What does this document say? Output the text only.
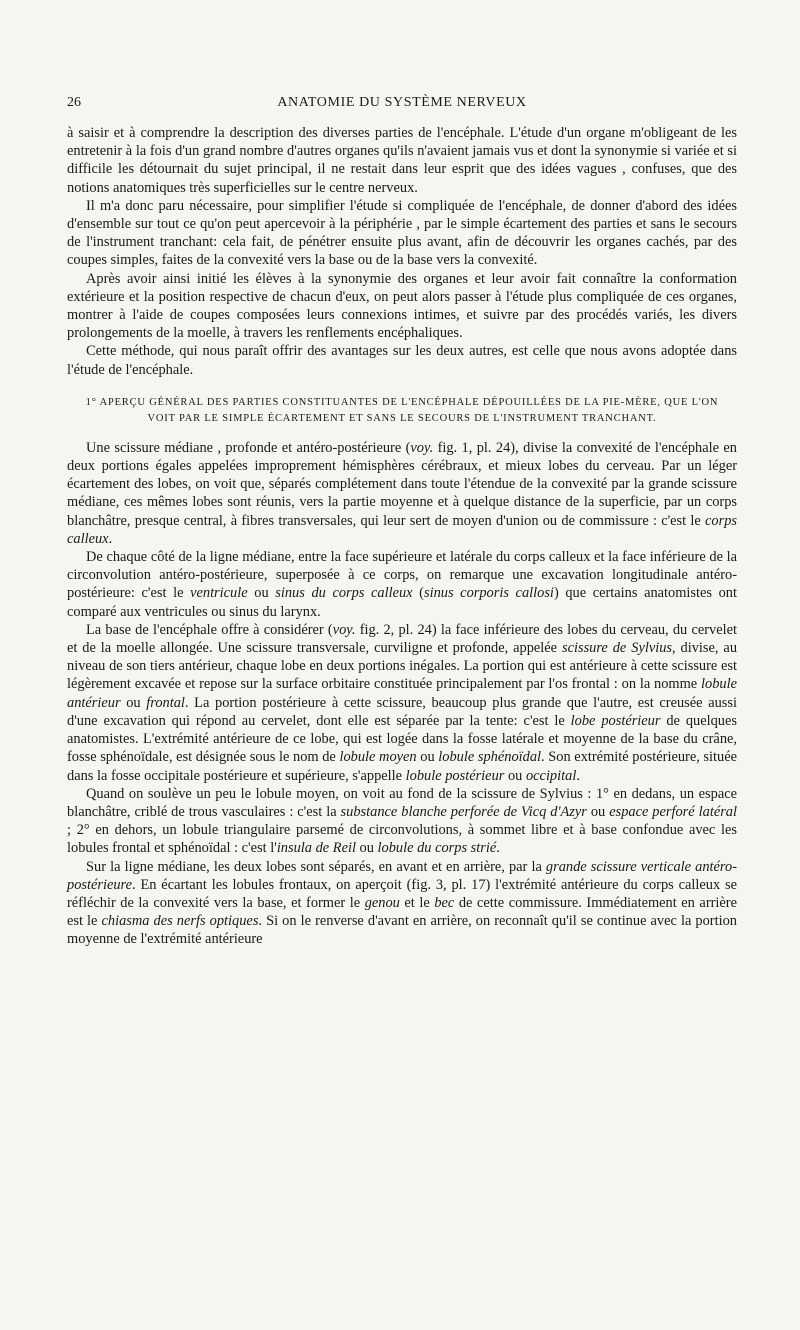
26	ANATOMIE DU SYSTÈME NERVEUX

à saisir et à comprendre la description des diverses parties de l'encéphale. L'étude d'un organe m'obligeant de les entretenir à la fois d'un grand nombre d'autres organes qu'ils n'avaient jamais vus et dont la synonymie si variée et si difficile les détournait du sujet principal, il ne restait dans leur esprit que des idées vagues , confuses, que des notions anatomiques très superficielles sur le centre nerveux.

Il m'a donc paru nécessaire, pour simplifier l'étude si compliquée de l'encéphale, de donner d'abord des idées d'ensemble sur tout ce qu'on peut apercevoir à la périphérie , par le simple écartement des parties et sans le secours de l'instrument tranchant: cela fait, de pénétrer ensuite plus avant, afin de découvrir les organes cachés, par des coupes simples, faites de la convexité vers la base ou de la base vers la convexité.

Après avoir ainsi initié les élèves à la synonymie des organes et leur avoir fait connaître la conformation extérieure et la position respective de chacun d'eux, on peut alors passer à l'étude plus compliquée de ces organes, montrer à l'aide de coupes composées leurs connexions intimes, et suivre par des procédés variés, les divers prolongements de la moelle, à travers les renflements encéphaliques.

Cette méthode, qui nous paraît offrir des avantages sur les deux autres, est celle que nous avons adoptée dans l'étude de l'encéphale.

1° APERÇU GÉNÉRAL DES PARTIES CONSTITUANTES DE L'ENCÉPHALE DÉPOUILLÉES DE LA PIE-MÈRE, QUE L'ON
VOIT PAR LE SIMPLE ÉCARTEMENT ET SANS LE SECOURS DE L'INSTRUMENT TRANCHANT.

Une scissure médiane , profonde et antéro-postérieure (voy. fig. 1, pl. 24), divise la convexité de l'encéphale en deux portions égales appelées improprement hémisphères cérébraux, et mieux lobes du cerveau. Par un léger écartement des lobes, on voit que, séparés complétement dans toute l'étendue de la convexité par la grande scissure médiane, ces mêmes lobes sont réunis, vers la partie moyenne et à quelque distance de la superficie, par un corps blanchâtre, presque central, à fibres transversales, qui leur sert de moyen d'union ou de commissure : c'est le corps calleux.

De chaque côté de la ligne médiane, entre la face supérieure et latérale du corps calleux et la face inférieure de la circonvolution antéro-postérieure, superposée à ce corps, on remarque une excavation longitudinale antéro-postérieure: c'est le ventricule ou sinus du corps calleux (sinus corporis callosi) que certains anatomistes ont comparé aux ventricules ou sinus du larynx.

La base de l'encéphale offre à considérer (voy. fig. 2, pl. 24) la face inférieure des lobes du cerveau, du cervelet et de la moelle allongée. Une scissure transversale, curviligne et profonde, appelée scissure de Sylvius, divise, au niveau de son tiers antérieur, chaque lobe en deux portions inégales. La portion qui est antérieure à cette scissure est légèrement excavée et repose sur la surface orbitaire constituée principalement par l'os frontal : on la nomme lobule antérieur ou frontal. La portion postérieure à cette scissure, beaucoup plus grande que l'autre, est creusée aussi d'une excavation qui répond au cervelet, dont elle est séparée par la tente: c'est le lobe postérieur de quelques anatomistes. L'extrémité antérieure de ce lobe, qui est logée dans la fosse latérale et moyenne de la base du crâne, fosse sphénoïdale, est désignée sous le nom de lobule moyen ou lobule sphénoïdal. Son extrémité postérieure, située dans la fosse occipitale postérieure et supérieure, s'appelle lobule postérieur ou occipital.

Quand on soulève un peu le lobule moyen, on voit au fond de la scissure de Sylvius : 1° en dedans, un espace blanchâtre, criblé de trous vasculaires : c'est la substance blanche perforée de Vicq d'Azyr ou espace perforé latéral ; 2° en dehors, un lobule triangulaire parsemé de circonvolutions, à sommet libre et à base confondue avec les lobules frontal et sphénoïdal : c'est l'insula de Reil ou lobule du corps strié.

Sur la ligne médiane, les deux lobes sont séparés, en avant et en arrière, par la grande scissure verticale antéro-postérieure. En écartant les lobules frontaux, on aperçoit (fig. 3, pl. 17) l'extrémité antérieure du corps calleux se réfléchir de la convexité vers la base, et former le genou et le bec de cette commissure. Immédiatement en arrière est le chiasma des nerfs optiques. Si on le renverse d'avant en arrière, on reconnaît qu'il se continue avec la portion moyenne de l'extrémité antérieure
